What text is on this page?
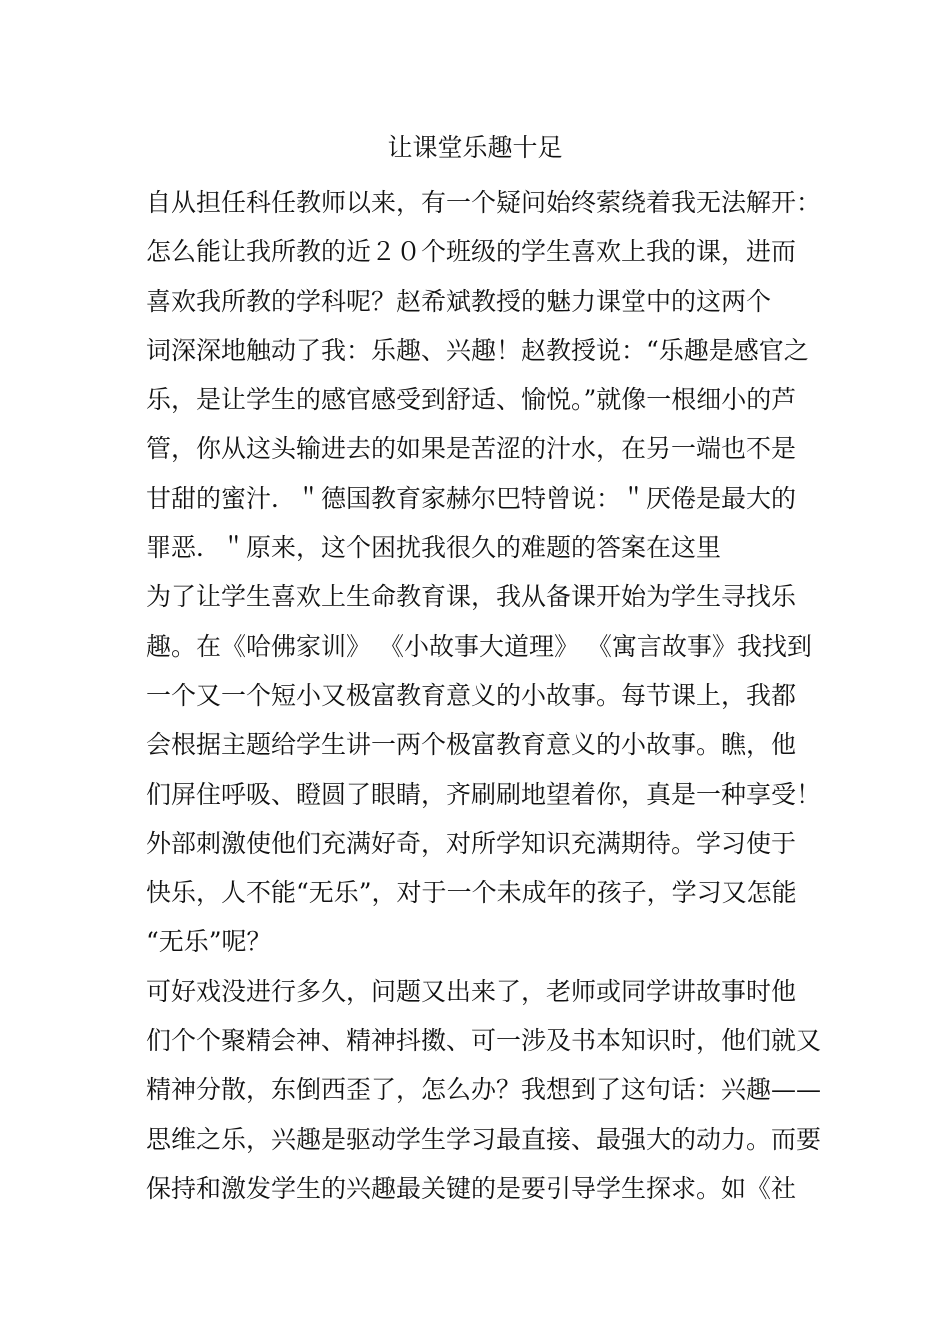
让课堂乐趣十足
自从担任科任教师以来，有一个疑问始终萦绕着我无法解开：
怎么能让我所教的近２０个班级的学生喜欢上我的课，进而
喜欢我所教的学科呢？赵希斌教授的魅力课堂中的这两个
词深深地触动了我：乐趣、兴趣！赵教授说：“乐趣是感官之
乐，是让学生的感官感受到舒适、愉悦。”就像一根细小的芦
管，你从这头输进去的如果是苦涩的汁水，在另一端也不是
甘甜的蜜汁．＂德国教育家赫尔巴特曾说：＂厌倦是最大的
罪恶．＂原来，这个困扰我很久的难题的答案在这里
为了让学生喜欢上生命教育课，我从备课开始为学生寻找乐
趣。在《哈佛家训》 《小故事大道理》 《寓言故事》我找到
一个又一个短小又极富教育意义的小故事。每节课上，我都
会根据主题给学生讲一两个极富教育意义的小故事。瞧，他
们屏住呼吸、瞪圆了眼睛，齐刷刷地望着你，真是一种享受！
外部刺激使他们充满好奇，对所学知识充满期待。学习使于
快乐，人不能“无乐”，对于一个未成年的孩子，学习又怎能
“无乐”呢？
可好戏没进行多久，问题又出来了，老师或同学讲故事时他
们个个聚精会神、精神抖擞、可一涉及书本知识时，他们就又
精神分散，东倒西歪了，怎么办？我想到了这句话：兴趣——
思维之乐，兴趣是驱动学生学习最直接、最强大的动力。而要
保持和激发学生的兴趣最关键的是要引导学生探求。如《社
